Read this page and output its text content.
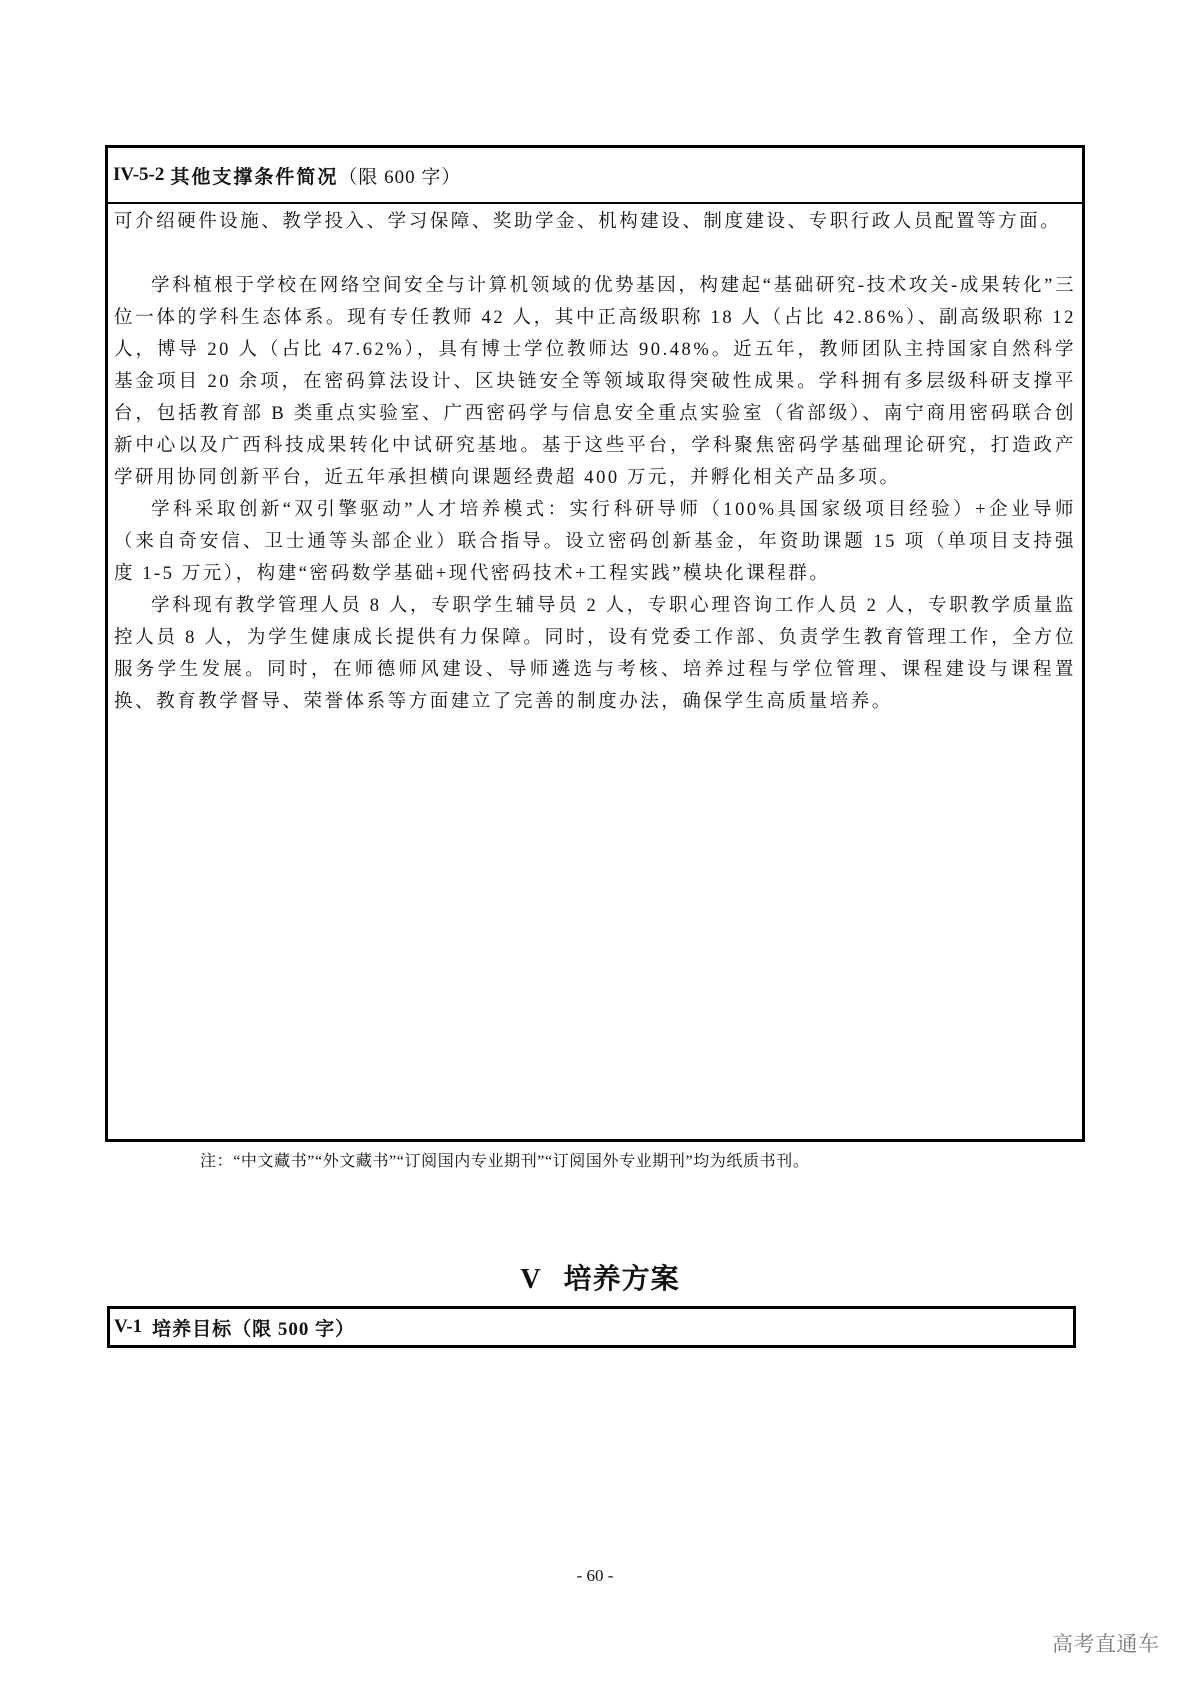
IV-5-2 其他支撑条件简况 （限 600 字）

可介绍硬件设施、教学投入、学习保障、奖助学金、机构建设、制度建设、专职行政人员配置等方面。

学科植根于学校在网络空间安全与计算机领域的优势基因，构建起“基础研究-技术攻关-成果转化”三位一体的学科生态体系。现有专任教师 42 人，其中正高级职称 18 人（占比 42.86%）、副高级职称 12 人，博导 20 人（占比 47.62%），具有博士学位教师达 90.48%。近五年，教师团队主持国家自然科学基金项目 20 余项，在密码算法设计、区块链安全等领域取得突破性成果。学科拥有多层级科研支撑平台，包括教育部 B 类重点实验室、广西密码学与信息安全重点实验室（省部级）、南宁商用密码联合创新中心以及广西科技成果转化中试研究基地。基于这些平台，学科聚焦密码学基础理论研究，打造政产学研用协同创新平台，近五年承担横向课题经费超 400 万元，并孵化相关产品多项。

学科采取创新“双引擎驱动”人才培养模式：实行科研导师（100%具国家级项目经验）+企业导师（来自奇安信、卫士通等头部企业）联合指导。设立密码创新基金，年资助课题 15 项（单项目支持强度 1-5 万元），构建“密码数学基础+现代密码技术+工程实践”模块化课程群。

学科现有教学管理人员 8 人，专职学生辅导员 2 人，专职心理咨询工作人员 2 人，专职教学质量监控人员 8 人，为学生健康成长提供有力保障。同时，设有党委工作部、负责学生教育管理工作，全方位服务学生发展。同时，在师德师风建设、导师遴选与考核、培养过程与学位管理、课程建设与课程置换、教育教学督导、荣誉体系等方面建立了完善的制度办法，确保学生高质量培养。

注：“中文藏书”“外文藏书”“订阅国内专业期刊”“订阅国外专业期刊”均为纸质书刊。
V 培养方案
V-1 培养目标（限 500 字）
- 60 -
高考直通车
